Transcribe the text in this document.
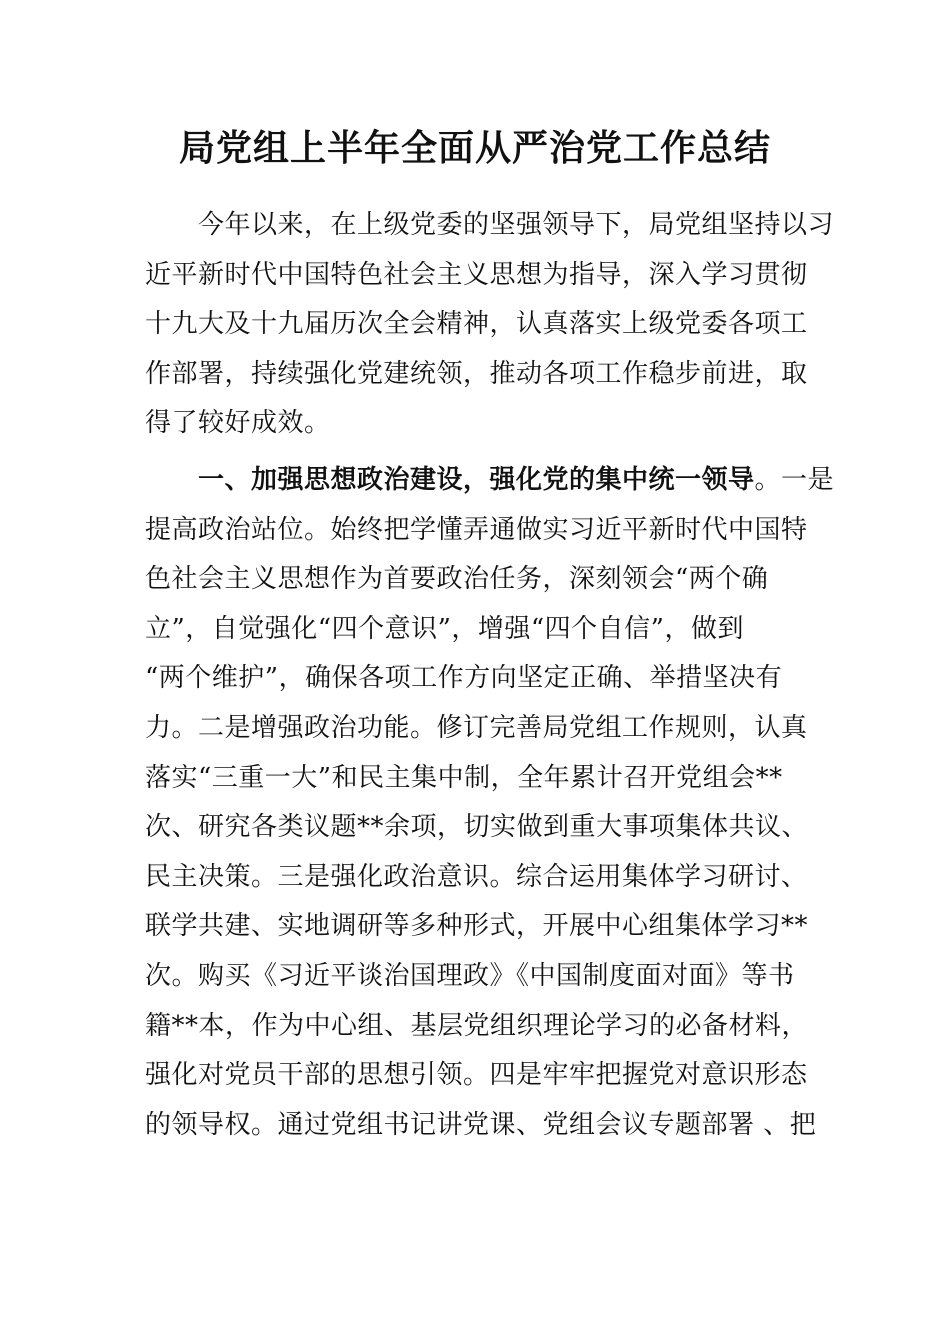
局党组上半年全面从严治党工作总结
　　今年以来，在上级党委的坚强领导下，局党组坚持以习
近平新时代中国特色社会主义思想为指导，深入学习贯彻
十九大及十九届历次全会精神，认真落实上级党委各项工
作部署，持续强化党建统领，推动各项工作稳步前进，取
得了较好成效。
　　一、加强思想政治建设，强化党的集中统一领导。一是
提高政治站位。始终把学懂弄通做实习近平新时代中国特
色社会主义思想作为首要政治任务，深刻领会“两个确
立”，自觉强化“四个意识”，增强“四个自信”，做到
“两个维护”，确保各项工作方向坚定正确、举措坚决有
力。二是增强政治功能。修订完善局党组工作规则，认真
落实“三重一大”和民主集中制，全年累计召开党组会**
次、研究各类议题**余项，切实做到重大事项集体共议、
民主决策。三是强化政治意识。综合运用集体学习研讨、
联学共建、实地调研等多种形式，开展中心组集体学习**
次。购买《习近平谈治国理政》《中国制度面对面》等书
籍**本，作为中心组、基层党组织理论学习的必备材料，
强化对党员干部的思想引领。四是牢牢把握党对意识形态
的领导权。通过党组书记讲党课、党组会议专题部署 、把
